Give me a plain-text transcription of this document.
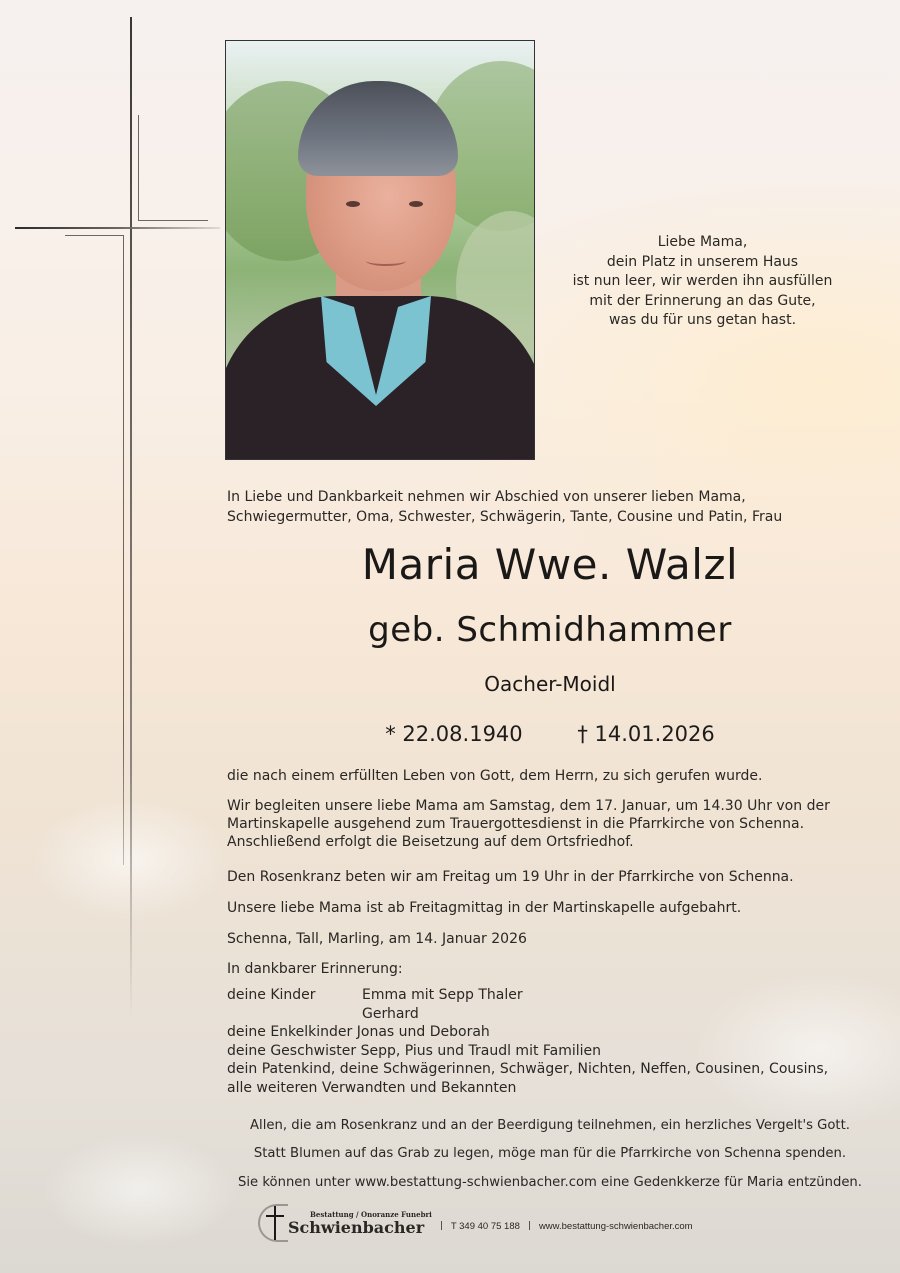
Liebe Mama,
dein Platz in unserem Haus
ist nun leer, wir werden ihn ausfüllen
mit der Erinnerung an das Gute,
was du für uns getan hast.
In Liebe und Dankbarkeit nehmen wir Abschied von unserer lieben Mama,
Schwiegermutter, Oma, Schwester, Schwägerin, Tante, Cousine und Patin, Frau
Maria Wwe. Walzl
geb. Schmidhammer
Oacher-Moidl
* 22.08.1940	† 14.01.2026

die nach einem erfüllten Leben von Gott, dem Herrn, zu sich gerufen wurde.

Wir begleiten unsere liebe Mama am Samstag, dem 17. Januar, um 14.30 Uhr von der

Martinskapelle ausgehend zum Trauergottesdienst in die Pfarrkirche von Schenna.

Anschließend erfolgt die Beisetzung auf dem Ortsfriedhof.

Den Rosenkranz beten wir am Freitag um 19 Uhr in der Pfarrkirche von Schenna.

Unsere liebe Mama ist ab Freitagmittag in der Martinskapelle aufgebahrt.

Schenna, Tall, Marling, am 14. Januar 2026

In dankbarer Erinnerung:

deine Kinder	Emma mit Sepp Thaler
Gerhard
deine Enkelkinder
Jonas und Deborah
deine Geschwister
Sepp, Pius und Traudl mit Familien
dein Patenkind, deine Schwägerinnen, Schwäger, Nichten, Neffen, Cousinen, Cousins,
alle weiteren Verwandten und Bekannten
Allen, die am Rosenkranz und an der Beerdigung teilnehmen, ein herzliches Vergelt's Gott.
Statt Blumen auf das Grab zu legen, möge man für die Pfarrkirche von Schenna spenden.
Sie können unter www.bestattung-schwienbacher.com eine Gedenkkerze für Maria entzünden.
Bestattung / Onoranze Funebri
Schwienbacher	| T 349 40 75 188 | www.bestattung-schwienbacher.com
